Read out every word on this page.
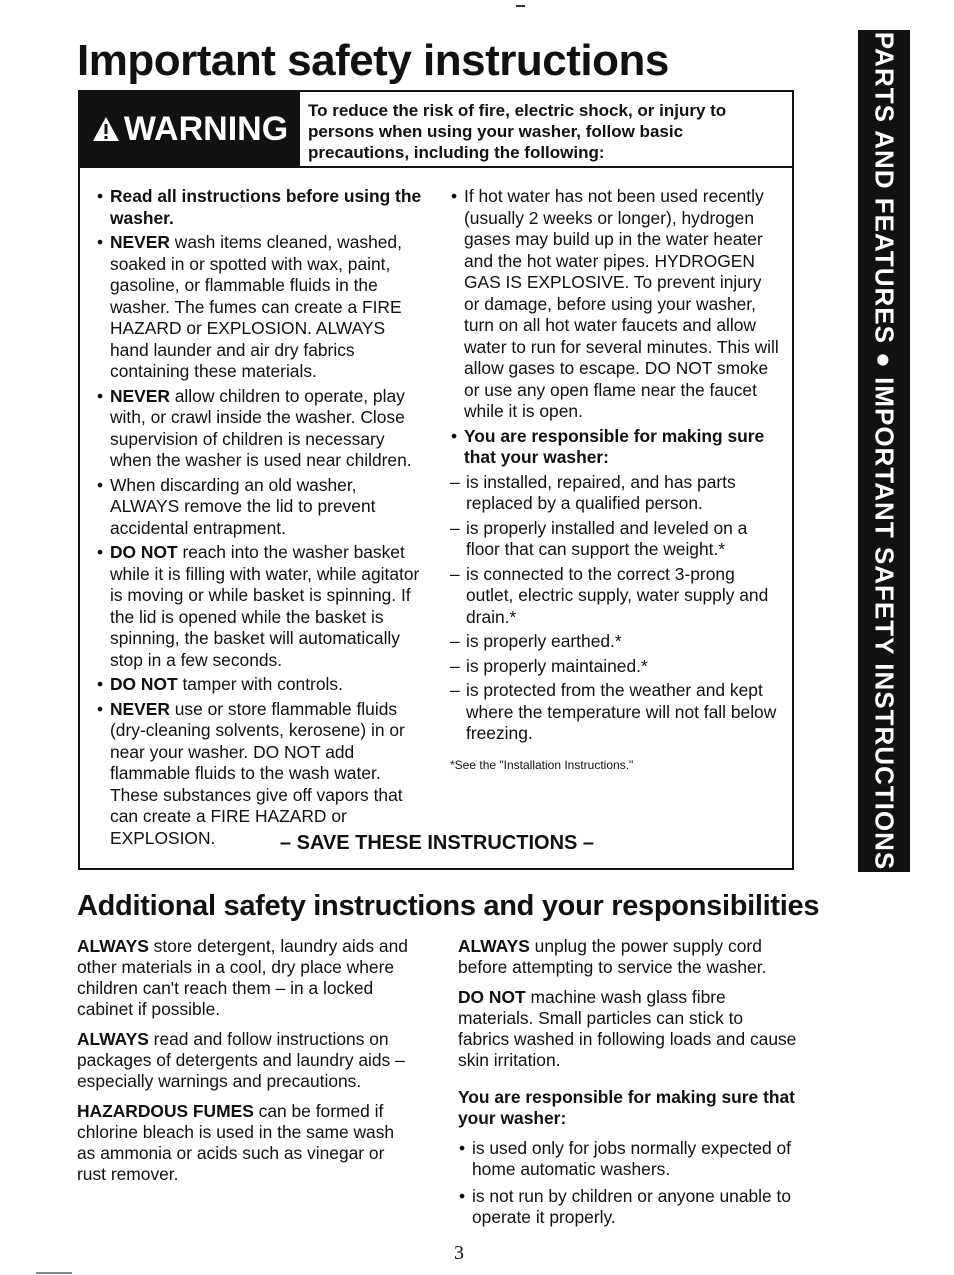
Important safety instructions
WARNING To reduce the risk of fire, electric shock, or injury to persons when using your washer, follow basic precautions, including the following:

• Read all instructions before using the washer.

• NEVER wash items cleaned, washed, soaked in or spotted with wax, paint, gasoline, or flammable fluids in the washer. The fumes can create a FIRE HAZARD or EXPLOSION. ALWAYS hand launder and air dry fabrics containing these materials.

• NEVER allow children to operate, play with, or crawl inside the washer. Close supervision of children is necessary when the washer is used near children.

• When discarding an old washer, ALWAYS remove the lid to prevent accidental entrapment.

• DO NOT reach into the washer basket while it is filling with water, while agitator is moving or while basket is spinning. If the lid is opened while the basket is spinning, the basket will automatically stop in a few seconds.

• DO NOT tamper with controls.

• NEVER use or store flammable fluids (dry-cleaning solvents, kerosene) in or near your washer. DO NOT add flammable fluids to the wash water. These substances give off vapors that can create a FIRE HAZARD or EXPLOSION.

• If hot water has not been used recently (usually 2 weeks or longer), hydrogen gases may build up in the water heater and the hot water pipes. HYDROGEN GAS IS EXPLOSIVE. To prevent injury or damage, before using your washer, turn on all hot water faucets and allow water to run for several minutes. This will allow gases to escape. DO NOT smoke or use any open flame near the faucet while it is open.

• You are responsible for making sure that your washer:

– is installed, repaired, and has parts replaced by a qualified person.

– is properly installed and leveled on a floor that can support the weight.*

– is connected to the correct 3-prong outlet, electric supply, water supply and drain.*

– is properly earthed.*

– is properly maintained.*

– is protected from the weather and kept where the temperature will not fall below freezing.

*See the "Installation Instructions."
– SAVE THESE INSTRUCTIONS –	PARTS AND FEATURES ● IMPORTANT SAFETY INSTRUCTIONS
Additional safety instructions and your responsibilities

ALWAYS store detergent, laundry aids and other materials in a cool, dry place where children can't reach them – in a locked cabinet if possible.

ALWAYS read and follow instructions on packages of detergents and laundry aids – especially warnings and precautions.

HAZARDOUS FUMES can be formed if chlorine bleach is used in the same wash as ammonia or acids such as vinegar or rust remover.

ALWAYS unplug the power supply cord before attempting to service the washer.

DO NOT machine wash glass fibre materials. Small particles can stick to fabrics washed in following loads and cause skin irritation.

You are responsible for making sure that your washer:

• is used only for jobs normally expected of home automatic washers.

• is not run by children or anyone unable to operate it properly.

3
